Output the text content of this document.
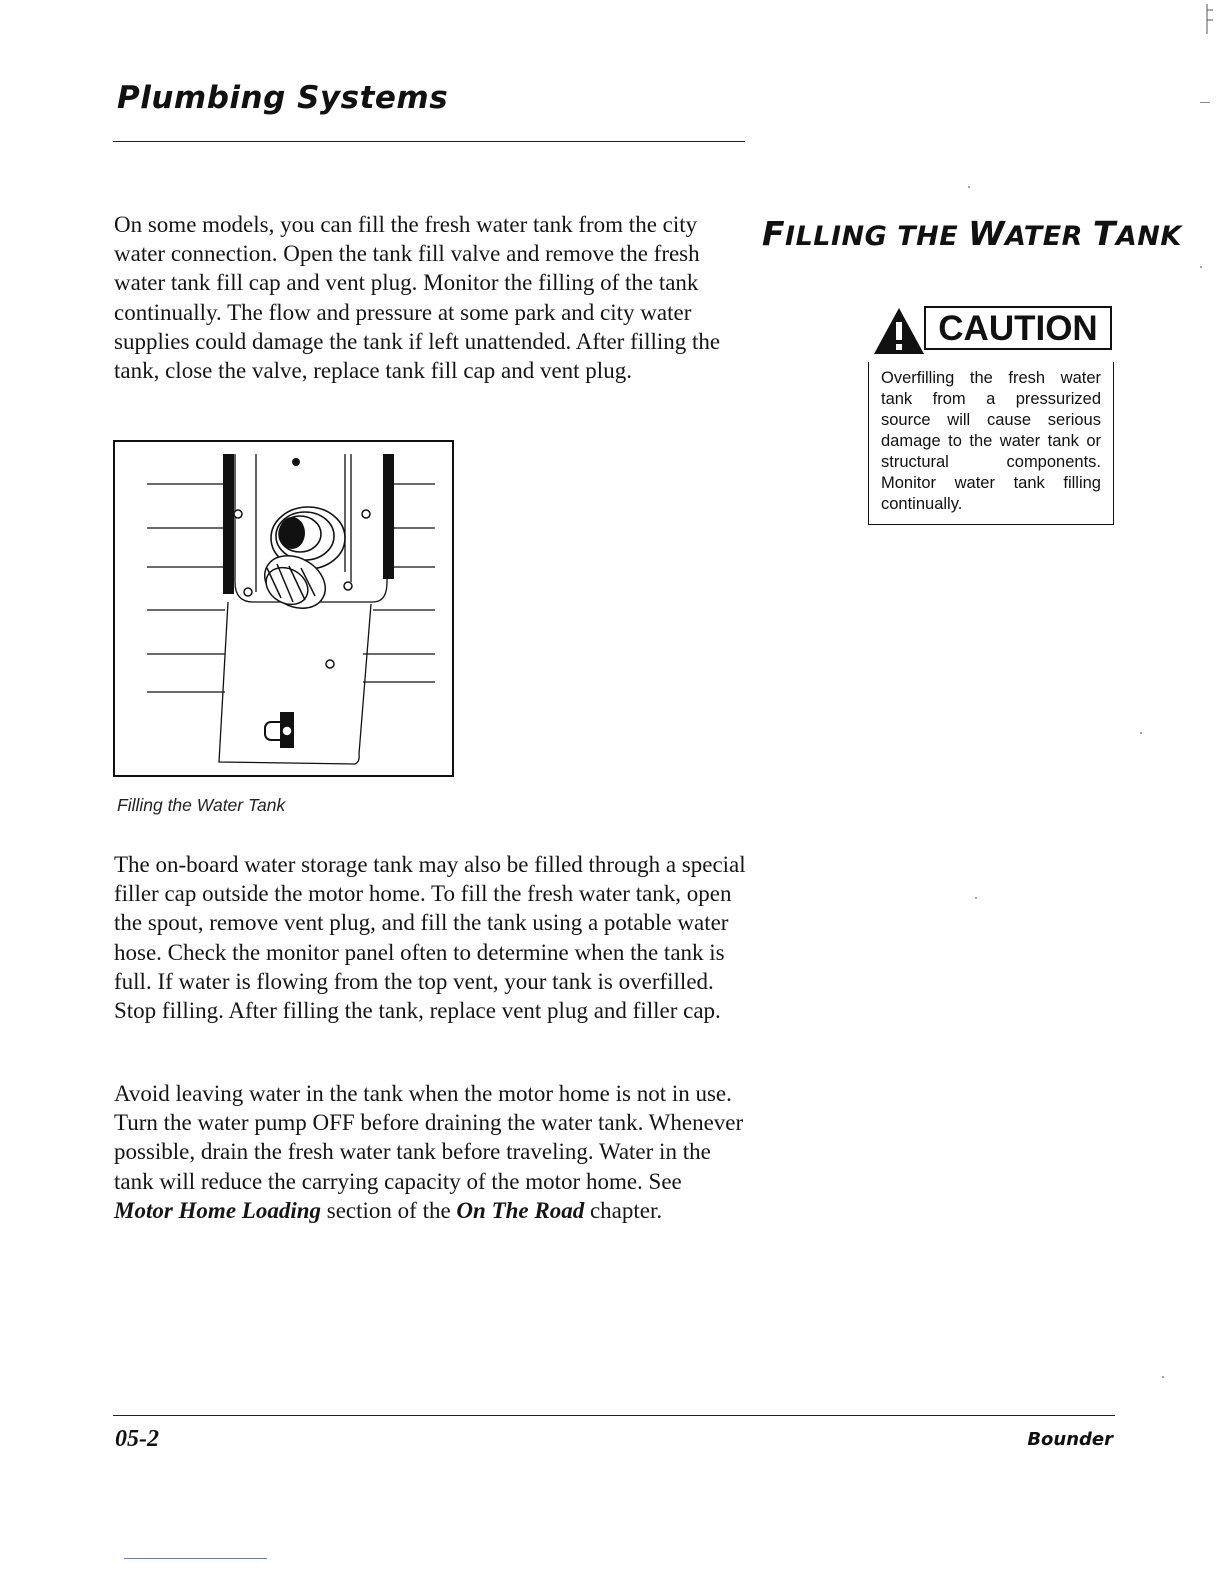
Plumbing Systems

On some models, you can fill the fresh water tank from the city water connection. Open the tank fill valve and remove the fresh water tank fill cap and vent plug. Monitor the filling of the tank continually. The flow and pressure at some park and city water supplies could damage the tank if left unattended. After filling the tank, close the valve, replace tank fill cap and vent plug.

Filling the Water Tank

The on-board water storage tank may also be filled through a special filler cap outside the motor home. To fill the fresh water tank, open the spout, remove vent plug, and fill the tank using a potable water hose. Check the monitor panel often to determine when the tank is full. If water is flowing from the top vent, your tank is overfilled. Stop filling. After filling the tank, replace vent plug and filler cap.

Avoid leaving water in the tank when the motor home is not in use. Turn the water pump OFF before draining the water tank. Whenever possible, drain the fresh water tank before traveling. Water in the tank will reduce the carrying capacity of the motor home. See Motor Home Loading section of the On The Road chapter.

FILLING THE WATER TANK
CAUTION
Overfilling the fresh water tank from a pressurized source will cause serious damage to the water tank or structural components. Monitor water tank filling continually.

05-2	Bounder
